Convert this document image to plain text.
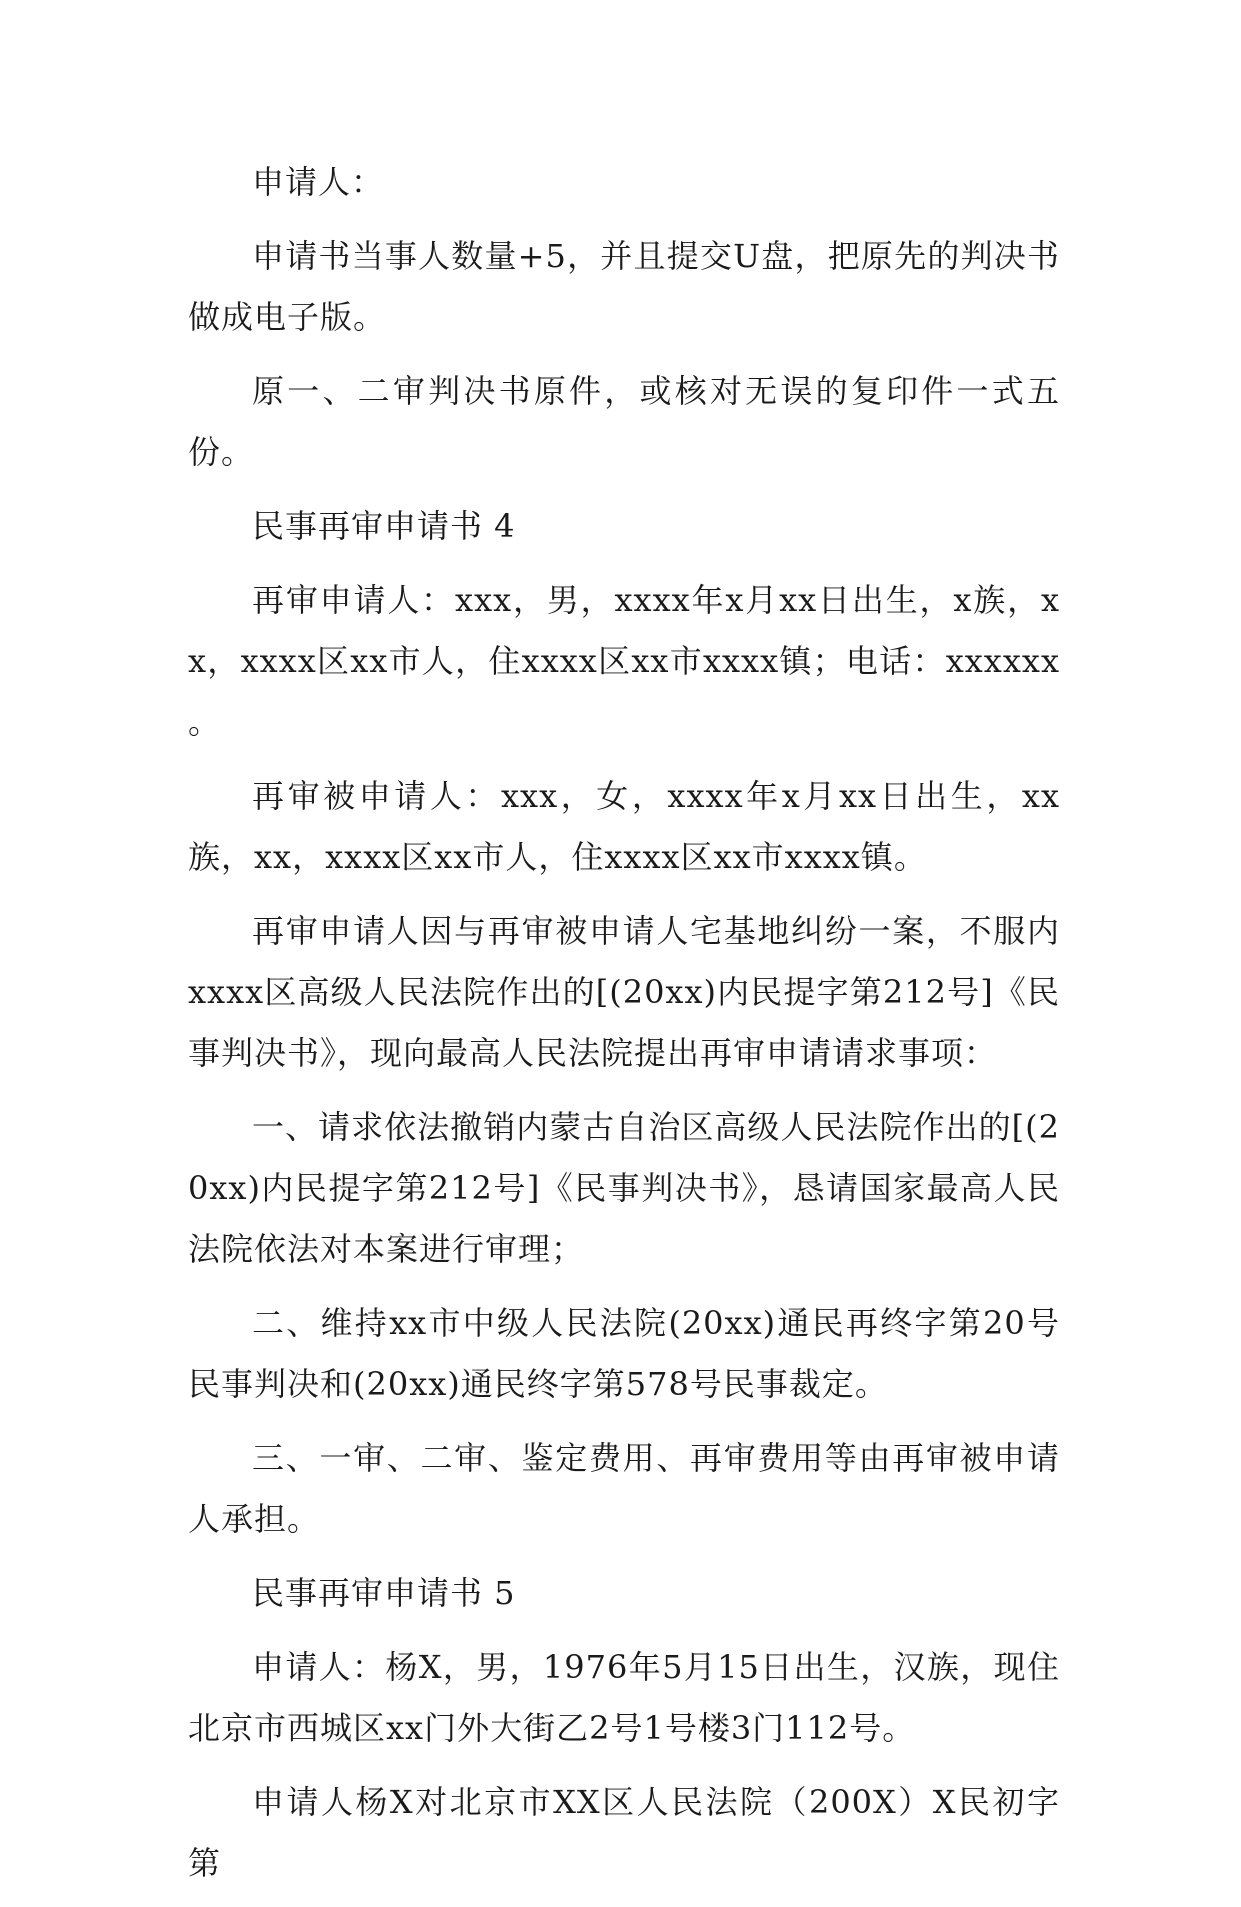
申请人：

申请书当事人数量+5，并且提交U盘，把原先的判决书做成电子版。

原一、二审判决书原件，或核对无误的复印件一式五份。

民事再审申请书 4

再审申请人：xxx，男，xxxx年x月xx日出生，x族，xx，xxxx区xx市人，住xxxx区xx市xxxx镇；电话：xxxxxx 。

再审被申请人：xxx，女，xxxx年x月xx日出生，xx族，xx，xxxx区xx市人，住xxxx区xx市xxxx镇。

再审申请人因与再审被申请人宅基地纠纷一案，不服内xxxx区高级人民法院作出的[(20xx)内民提字第212号]《民事判决书》，现向最高人民法院提出再审申请请求事项：

一、请求依法撤销内蒙古自治区高级人民法院作出的[(20xx)内民提字第212号]《民事判决书》，恳请国家最高人民法院依法对本案进行审理；

二、维持xx市中级人民法院(20xx)通民再终字第20号民事判决和(20xx)通民终字第578号民事裁定。

三、一审、二审、鉴定费用、再审费用等由再审被申请人承担。

民事再审申请书 5

申请人：杨X，男，1976年5月15日出生，汉族，现住北京市西城区xx门外大街乙2号1号楼3门112号。

申请人杨X对北京市XX区人民法院（200X）X民初字第
